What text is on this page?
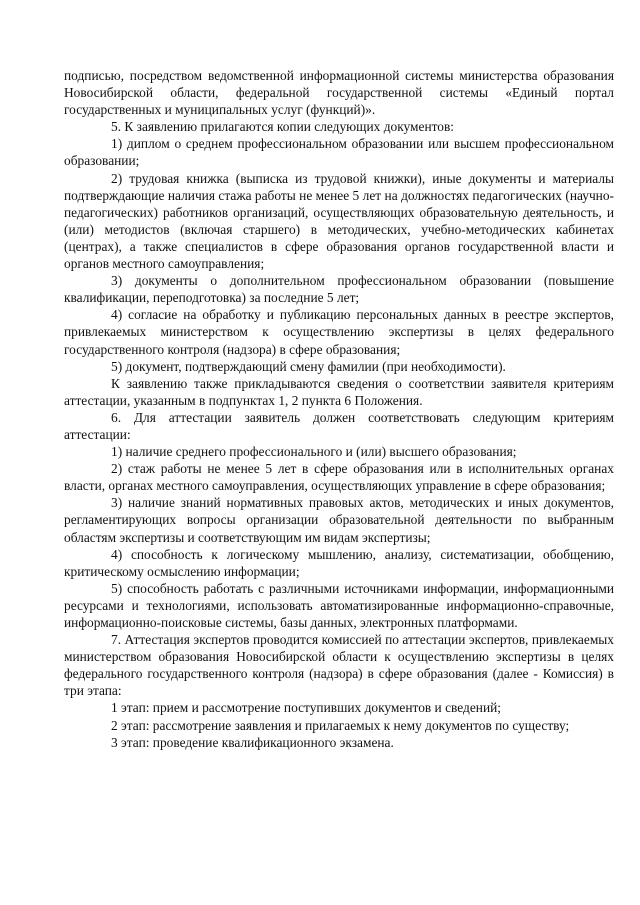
подписью, посредством ведомственной информационной системы министерства образования Новосибирской области, федеральной государственной системы «Единый портал государственных и муниципальных услуг (функций)».

5. К заявлению прилагаются копии следующих документов:

1) диплом о среднем профессиональном образовании или высшем профессиональном образовании;

2) трудовая книжка (выписка из трудовой книжки), иные документы и материалы подтверждающие наличия стажа работы не менее 5 лет на должностях педагогических (научно-педагогических) работников организаций, осуществляющих образовательную деятельность, и (или) методистов (включая старшего) в методических, учебно-методических кабинетах (центрах), а также специалистов в сфере образования органов государственной власти и органов местного самоуправления;

3) документы о дополнительном профессиональном образовании (повышение квалификации, переподготовка) за последние 5 лет;

4) согласие на обработку и публикацию персональных данных в реестре экспертов, привлекаемых министерством к осуществлению экспертизы в целях федерального государственного контроля (надзора) в сфере образования;

5) документ, подтверждающий смену фамилии (при необходимости).

К заявлению также прикладываются сведения о соответствии заявителя критериям аттестации, указанным в подпунктах 1, 2 пункта 6 Положения.

6. Для аттестации заявитель должен соответствовать следующим критериям аттестации:

1) наличие среднего профессионального и (или) высшего образования;

2) стаж работы не менее 5 лет в сфере образования или в исполнительных органах власти, органах местного самоуправления, осуществляющих управление в сфере образования;

3) наличие знаний нормативных правовых актов, методических и иных документов, регламентирующих вопросы организации образовательной деятельности по выбранным областям экспертизы и соответствующим им видам экспертизы;

4) способность к логическому мышлению, анализу, систематизации, обобщению, критическому осмыслению информации;

5) способность работать с различными источниками информации, информационными ресурсами и технологиями, использовать автоматизированные информационно-справочные, информационно-поисковые системы, базы данных, электронных платформами.

7. Аттестация экспертов проводится комиссией по аттестации экспертов, привлекаемых министерством образования Новосибирской области к осуществлению экспертизы в целях федерального государственного контроля (надзора) в сфере образования (далее - Комиссия) в три этапа:

1 этап: прием и рассмотрение поступивших документов и сведений;

2 этап: рассмотрение заявления и прилагаемых к нему документов по существу;

3 этап: проведение квалификационного экзамена.
